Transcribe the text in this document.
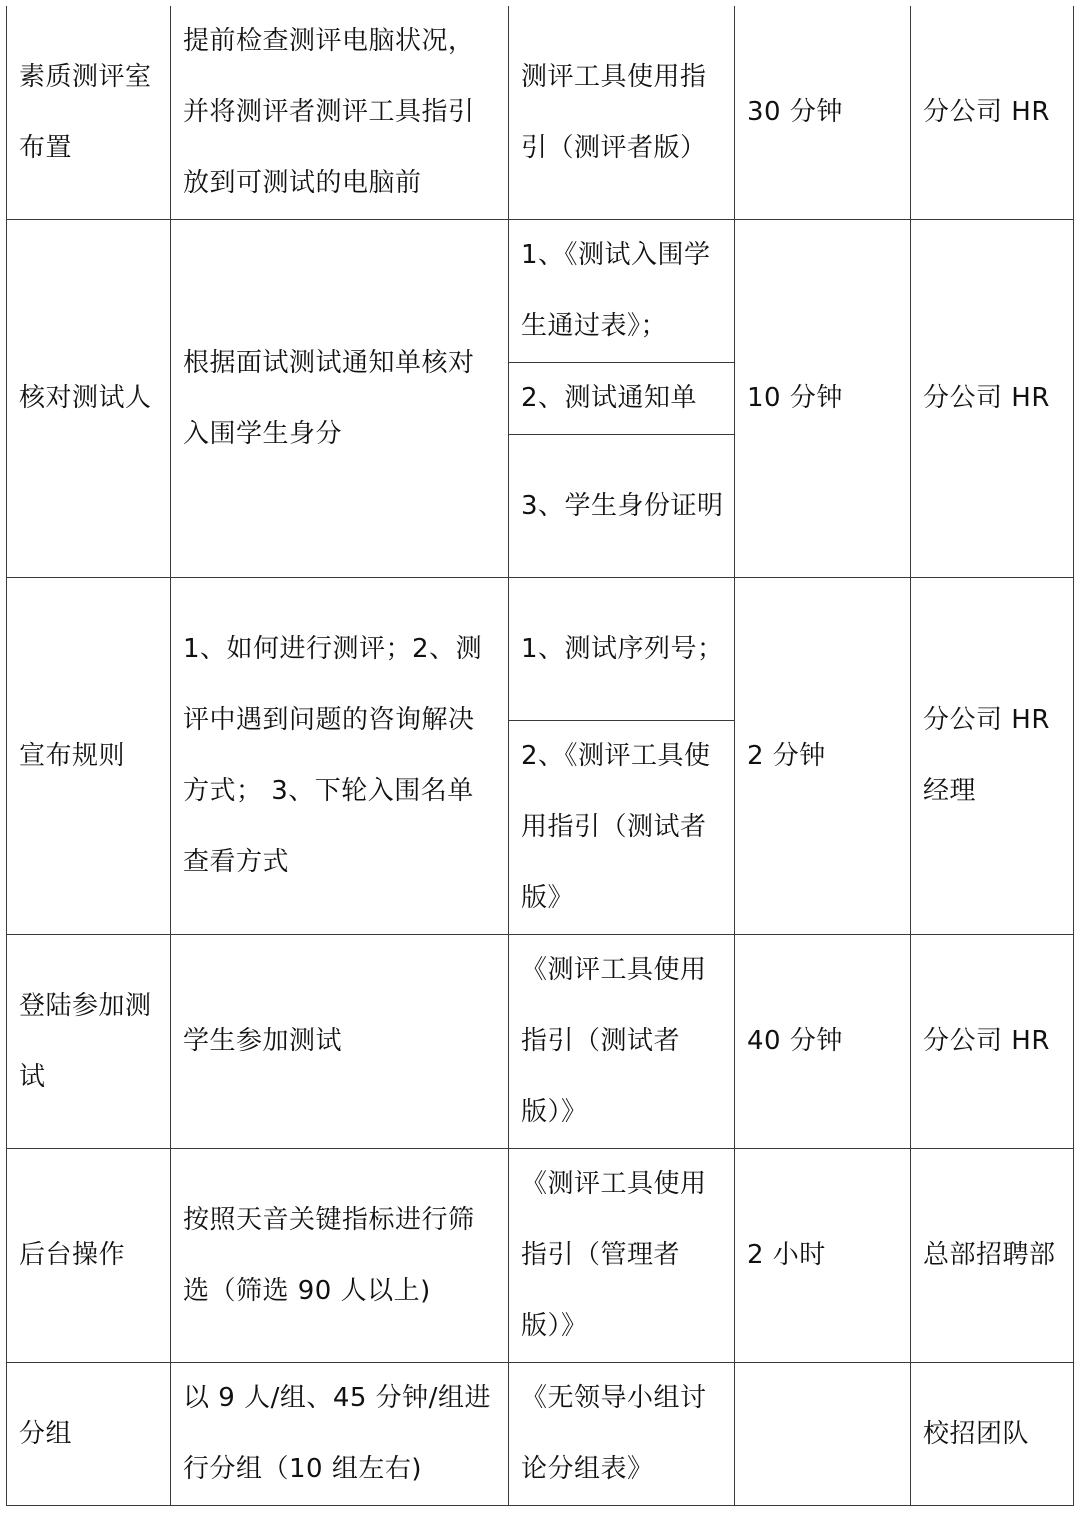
素质测评室布置	提前检查测评电脑状况，并将测评者测评工具指引放到可测试的电脑前	测评工具使用指引（测评者版）	30 分钟	分公司 HR

核对测试人	根据面试测试通知单核对入围学生身分	1、《测试入围学生通过表》；	10 分钟	分公司 HR

		2、测试通知单		

		3、学生身份证明		

宣布规则	1、如何进行测评；2、测评中遇到问题的咨询解决方式； 3、下轮入围名单查看方式	1、测试序列号；	2 分钟	分公司 HR 经理

		2、《测评工具使用指引（测试者版》		

登陆参加测试	学生参加测试	《测评工具使用指引（测试者版）》	40 分钟	分公司 HR

后台操作	按照天音关键指标进行筛选（筛选 90 人以上)	《测评工具使用指引（管理者版）》	2 小时	总部招聘部

分组	以 9 人/组、45 分钟/组进行分组（10 组左右)	《无领导小组讨论分组表》		校招团队
